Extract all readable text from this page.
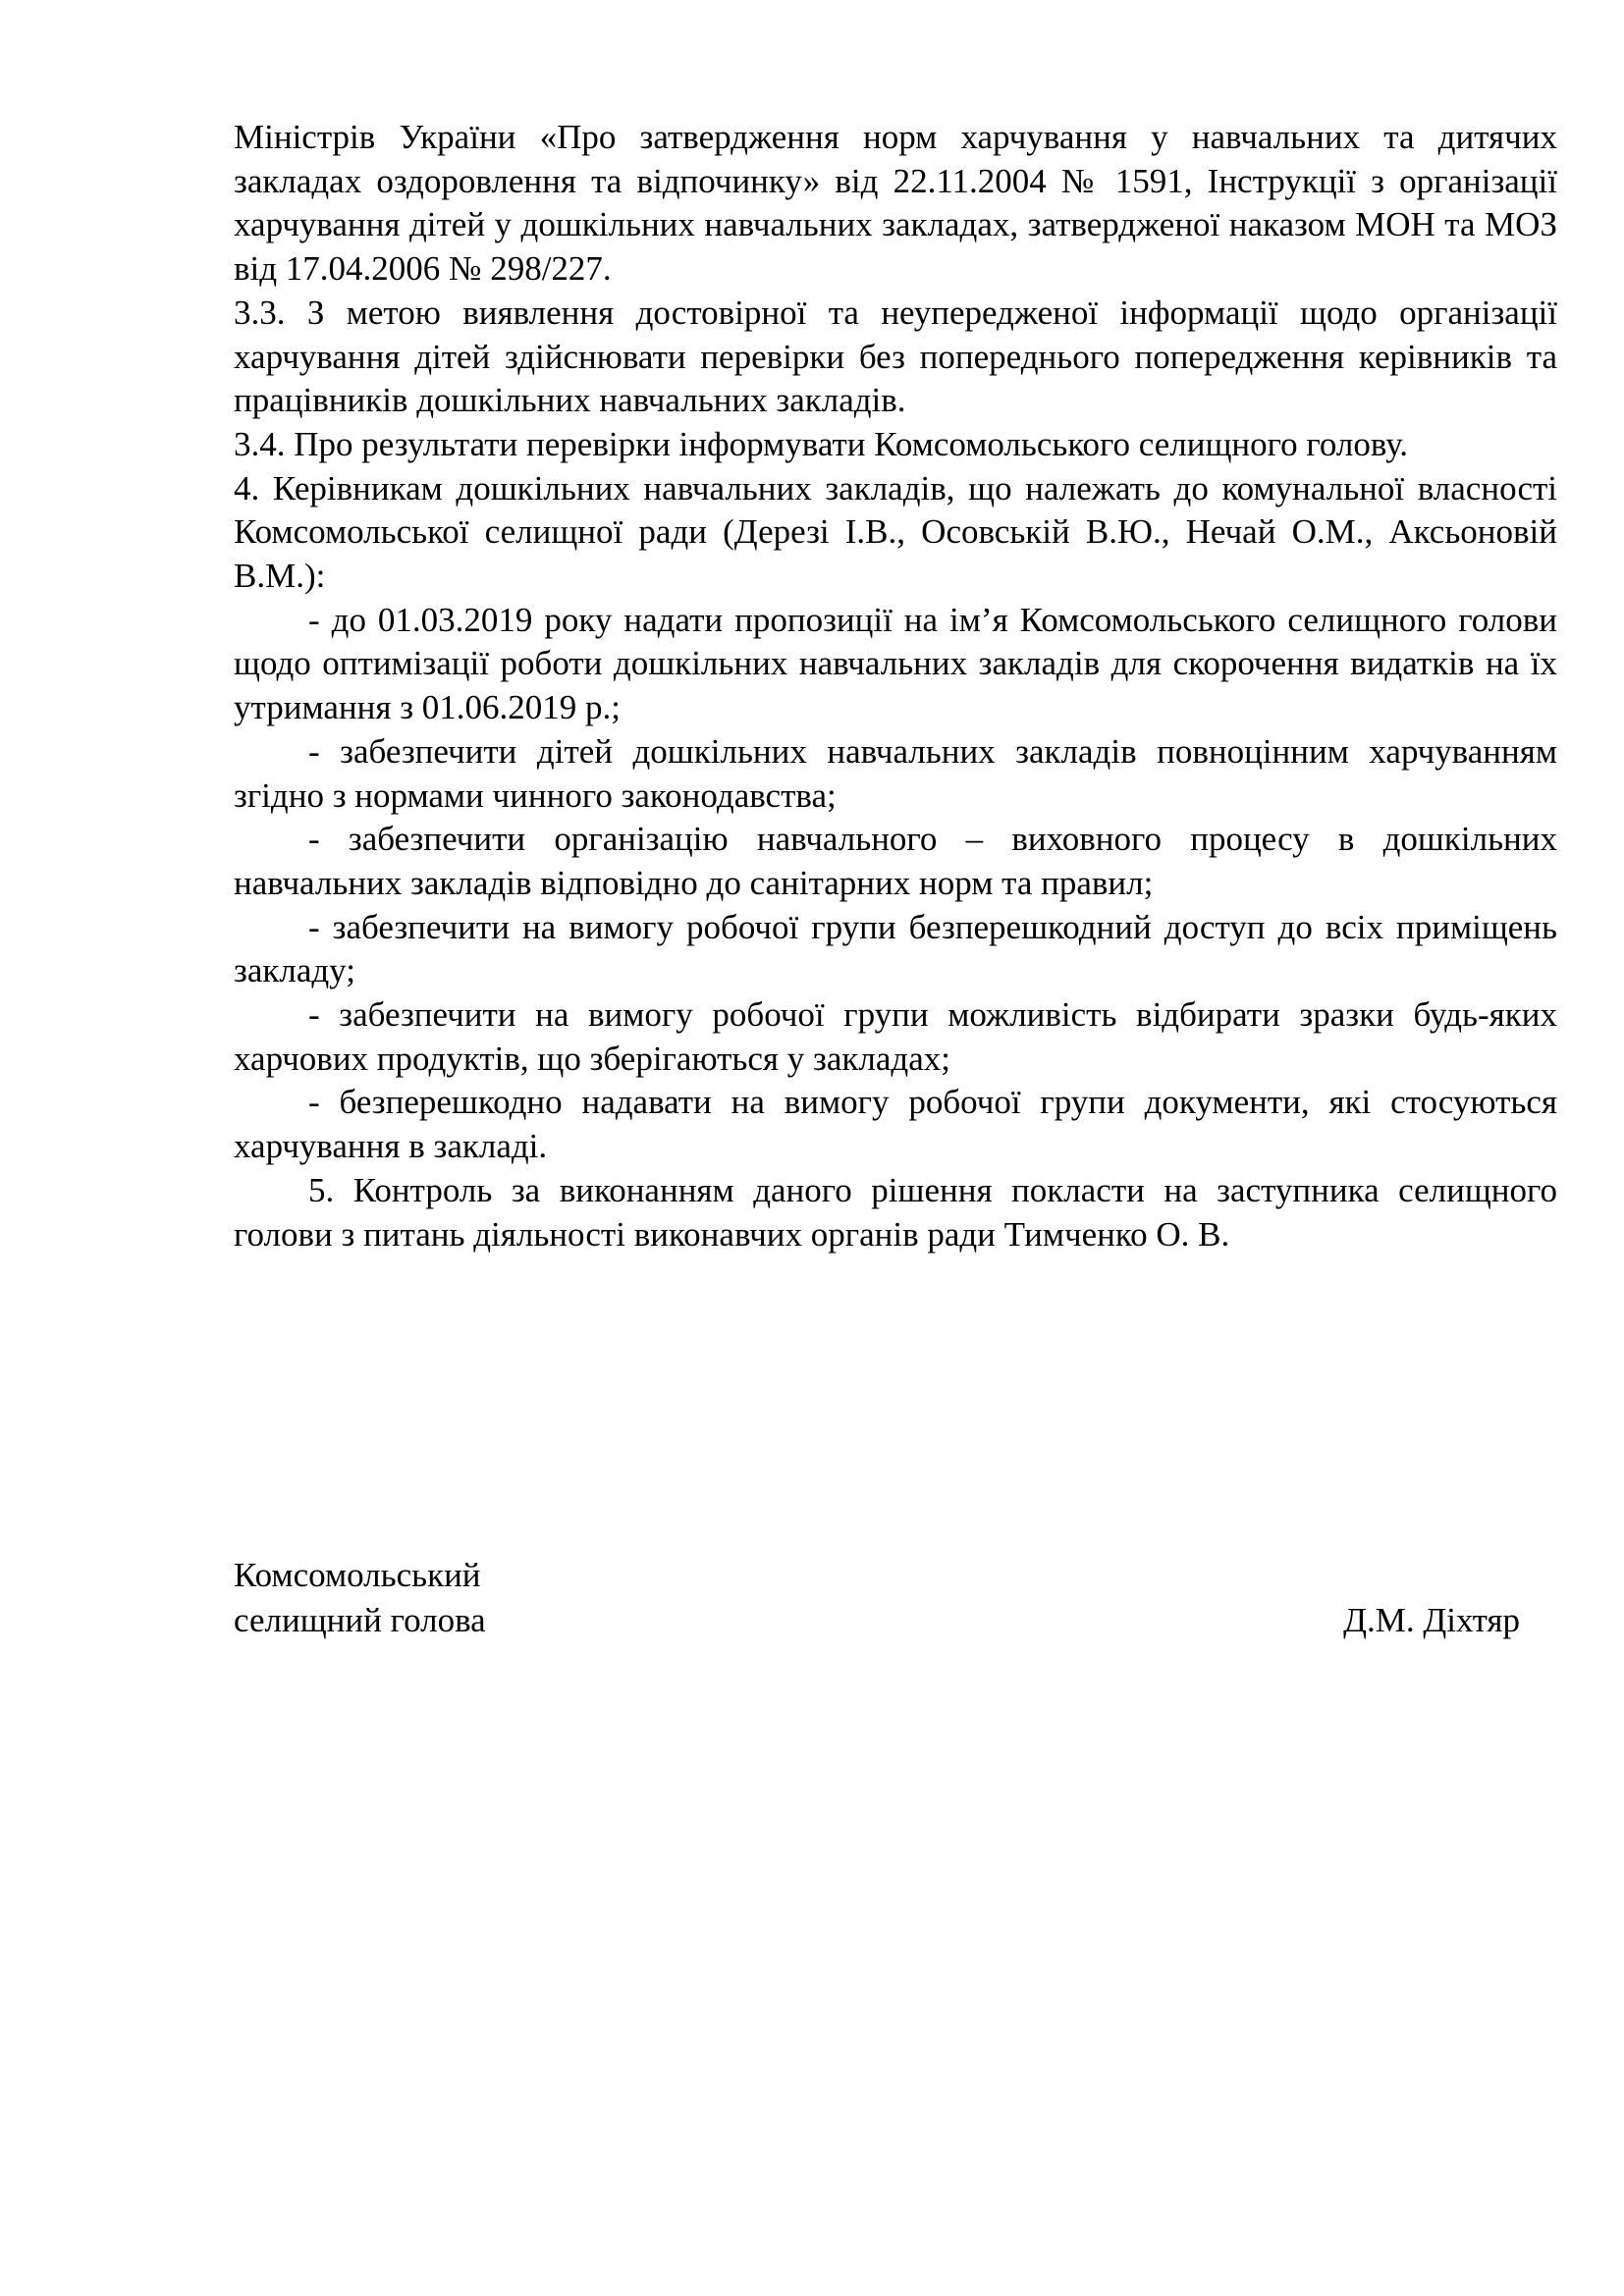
Міністрів України «Про затвердження норм харчування у навчальних та дитячих закладах оздоровлення та відпочинку» від 22.11.2004 № 1591, Інструкції з організації харчування дітей у дошкільних навчальних закладах, затвердженої наказом МОН та МОЗ від 17.04.2006 № 298/227.

3.3. З метою виявлення достовірної та неупередженої інформації щодо організації харчування дітей здійснювати перевірки без попереднього попередження керівників та працівників дошкільних навчальних закладів.

3.4. Про результати перевірки інформувати Комсомольського селищного голову.

4. Керівникам дошкільних навчальних закладів, що належать до комунальної власності Комсомольської селищної ради (Дерезі І.В., Осовській В.Ю., Нечай О.М., Аксьоновій В.М.):

- до 01.03.2019 року надати пропозиції на ім’я Комсомольського селищного голови щодо оптимізації роботи дошкільних навчальних закладів для скорочення видатків на їх утримання з 01.06.2019 р.;

- забезпечити дітей дошкільних навчальних закладів повноцінним харчуванням згідно з нормами чинного законодавства;

- забезпечити організацію навчального – виховного процесу в дошкільних навчальних закладів відповідно до санітарних норм та правил;

- забезпечити на вимогу робочої групи безперешкодний доступ до всіх приміщень закладу;

- забезпечити на вимогу робочої групи можливість відбирати зразки будь-яких харчових продуктів, що зберігаються у закладах;

- безперешкодно надавати на вимогу робочої групи документи, які стосуються харчування в закладі.

5. Контроль за виконанням даного рішення покласти на заступника селищного голови з питань діяльності виконавчих органів ради Тимченко О. В.

Комсомольський
селищний голова	Д.М. Діхтяр
